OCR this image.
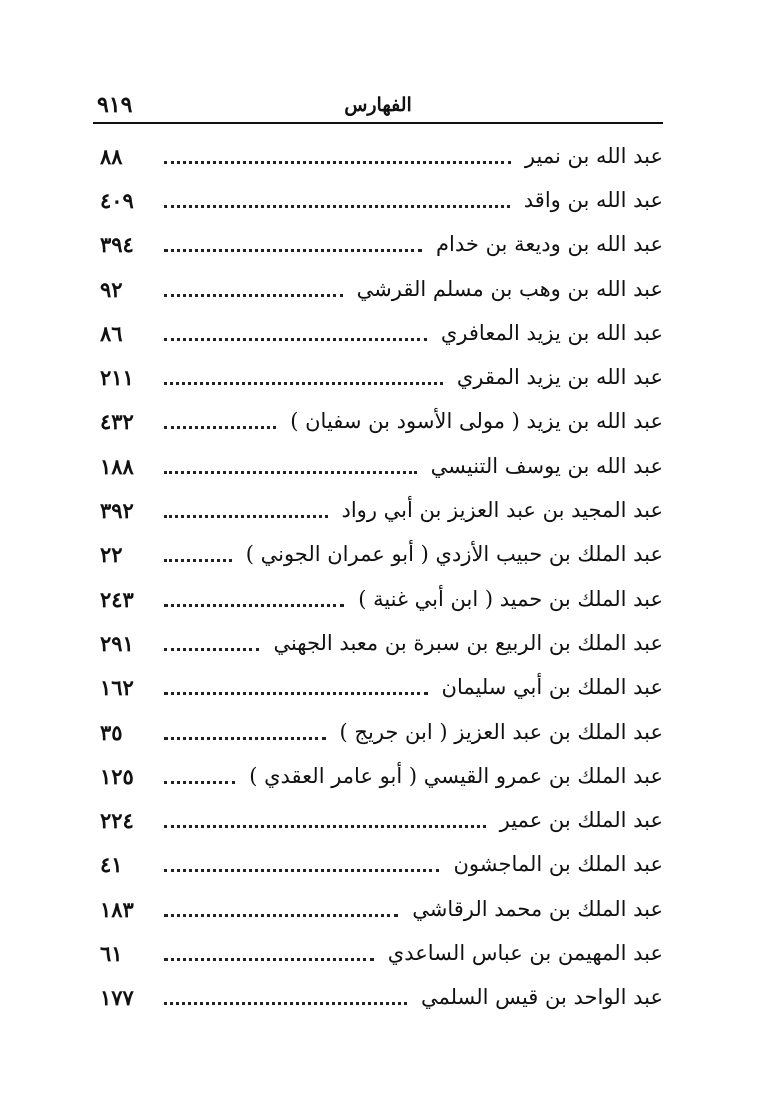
الفهارس
٩١٩
عبد الله بن نمير
٨٨
عبد الله بن واقد
٤٠٩
عبد الله بن وديعة بن خدام
٣٩٤
عبد الله بن وهب بن مسلم القرشي
٩٢
عبد الله بن يزيد المعافري
٨٦
عبد الله بن يزيد المقري
٢١١
عبد الله بن يزيد ( مولى الأسود بن سفيان )
٤٣٢
عبد الله بن يوسف التنيسي
١٨٨
عبد المجيد بن عبد العزيز بن أبي رواد
٣٩٢
عبد الملك بن حبيب الأزدي ( أبو عمران الجوني )
٢٢
عبد الملك بن حميد ( ابن أبي غنية )
٢٤٣
عبد الملك بن الربيع بن سبرة بن معبد الجهني
٢٩١
عبد الملك بن أبي سليمان
١٦٢
عبد الملك بن عبد العزيز ( ابن جريج )
٣٥
عبد الملك بن عمرو القيسي ( أبو عامر العقدي )
١٢٥
عبد الملك بن عمير
٢٢٤
عبد الملك بن الماجشون
٤١
عبد الملك بن محمد الرقاشي
١٨٣
عبد المهيمن بن عباس الساعدي
٦١
عبد الواحد بن قيس السلمي
١٧٧
